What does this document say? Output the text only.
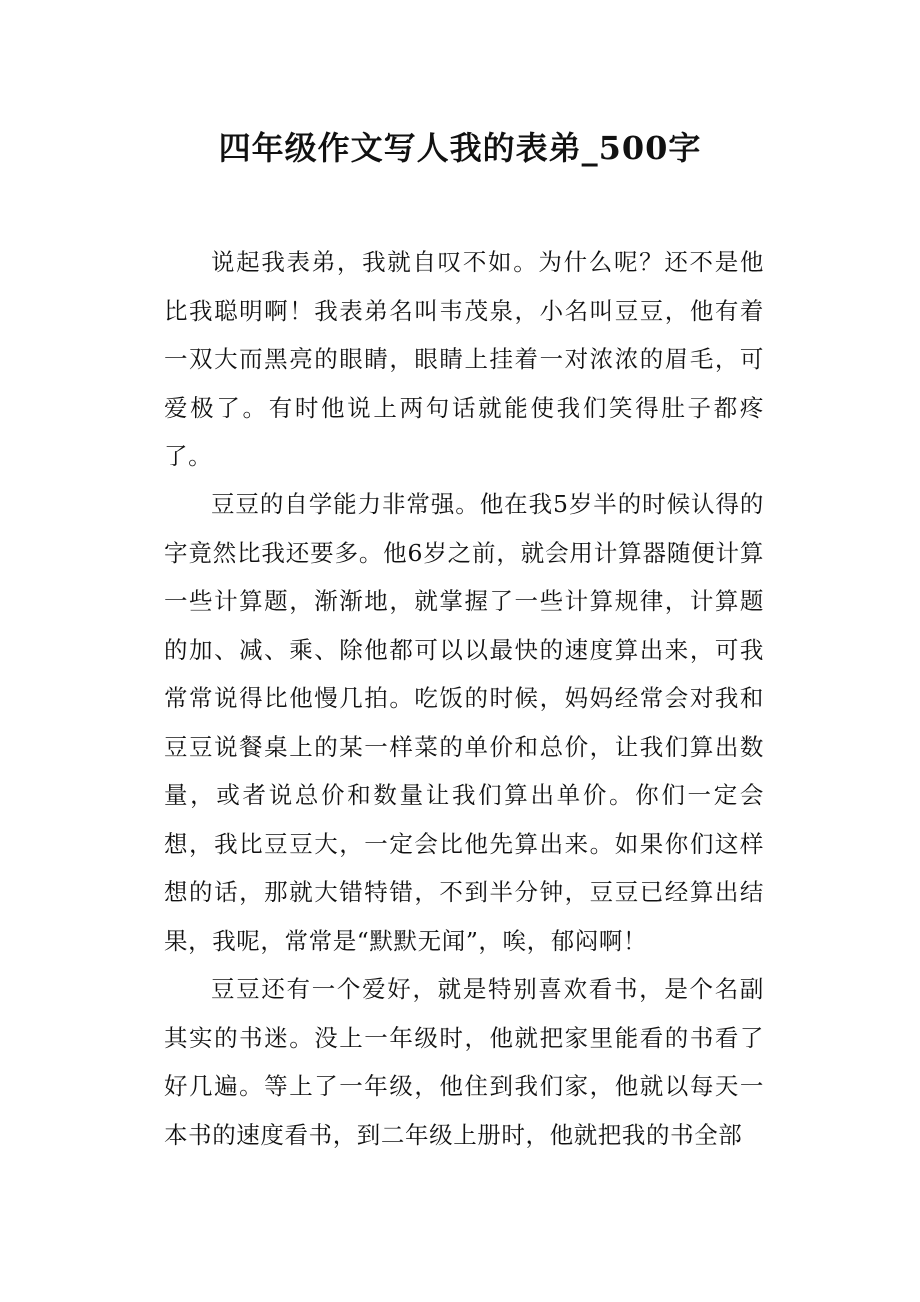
四年级作文写人我的表弟_500字

说起我表弟，我就自叹不如。为什么呢？还不是他比我聪明啊！我表弟名叫韦茂泉，小名叫豆豆，他有着一双大而黑亮的眼睛，眼睛上挂着一对浓浓的眉毛，可爱极了。有时他说上两句话就能使我们笑得肚子都疼了。

豆豆的自学能力非常强。他在我5岁半的时候认得的字竟然比我还要多。他6岁之前，就会用计算器随便计算一些计算题，渐渐地，就掌握了一些计算规律，计算题的加、减、乘、除他都可以以最快的速度算出来，可我常常说得比他慢几拍。吃饭的时候，妈妈经常会对我和豆豆说餐桌上的某一样菜的单价和总价，让我们算出数量，或者说总价和数量让我们算出单价。你们一定会想，我比豆豆大，一定会比他先算出来。如果你们这样想的话，那就大错特错，不到半分钟，豆豆已经算出结果，我呢，常常是“默默无闻”，唉，郁闷啊！

豆豆还有一个爱好，就是特别喜欢看书，是个名副其实的书迷。没上一年级时，他就把家里能看的书看了好几遍。等上了一年级，他住到我们家，他就以每天一本书的速度看书，到二年级上册时，他就把我的书全部
